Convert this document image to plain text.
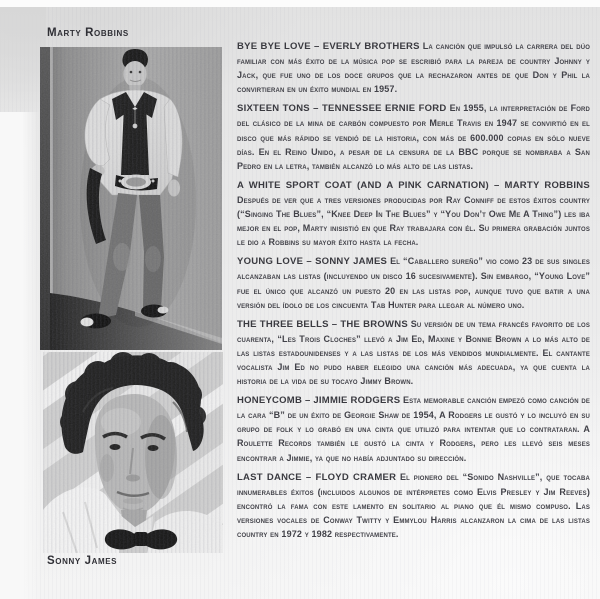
Marty Robbins
Sonny James

BYE BYE LOVE – EVERLY BROTHERS La canción que impulsó la carrera del dúo familiar con más éxito de la música pop se escribió para la pareja de country Johnny y Jack, que fue uno de los doce grupos que la rechazaron antes de que Don y Phil la convirtieran en un éxito mundial en 1957.

SIXTEEN TONS – TENNESSEE ERNIE FORD En 1955, la interpretación de Ford del clásico de la mina de carbón compuesto por Merle Travis en 1947 se convirtió en el disco que más rápido se vendió de la historia, con más de 600.000 copias en sólo nueve días. En el Reino Unido, a pesar de la censura de la BBC porque se nombraba a San Pedro en la letra, también alcanzó lo más alto de las listas.

A WHITE SPORT COAT (AND A PINK CARNATION) – MARTY ROBBINS Después de ver que a tres versiones producidas por Ray Conniff de estos éxitos country (“Singing The Blues”, “Knee Deep In The Blues” y “You Don’t Owe Me A Thing”) les iba mejor en el pop, Marty inisistió en que Ray trabajara con él. Su primera grabación juntos le dio a Robbins su mayor éxito hasta la fecha.

YOUNG LOVE – SONNY JAMES El “Caballero sureño” vio como 23 de sus singles alcanzaban las listas (incluyendo un disco 16 sucesivamente). Sin embargo, “Young Love” fue el único que alcanzó un puesto 20 en las listas pop, aunque tuvo que batir a una versión del ídolo de los cincuenta Tab Hunter para llegar al número uno.

THE THREE BELLS – THE BROWNS Su versión de un tema francés favorito de los cuarenta, “Les Trois Cloches” llevó a Jim Ed, Maxine y Bonnie Brown a lo más alto de las listas estadounidenses y a las listas de los más vendidos mundialmente. El cantante vocalista Jim Ed no pudo haber elegido una canción más adecuada, ya que cuenta la historia de la vida de su tocayo Jimmy Brown.

HONEYCOMB – JIMMIE RODGERS Esta memorable canción empezó como canción de la cara “B” de un éxito de Georgie Shaw de 1954, A Rodgers le gustó y lo incluyó en su grupo de folk y lo grabó en una cinta que utilizó para intentar que lo contrataran. A Roulette Records también le gustó la cinta y Rodgers, pero les llevó seis meses encontrar a Jimmie, ya que no había adjuntado su dirección.

LAST DANCE – FLOYD CRAMER El pionero del “Sonido Nashville”, que tocaba innumerables éxitos (incluidos algunos de intérpretes como Elvis Presley y Jim Reeves) encontró la fama con este lamento en solitario al piano que él mismo compuso. Las versiones vocales de Conway Twitty y Emmylou Harris alcanzaron la cima de las listas country en 1972 y 1982 respectivamente.
